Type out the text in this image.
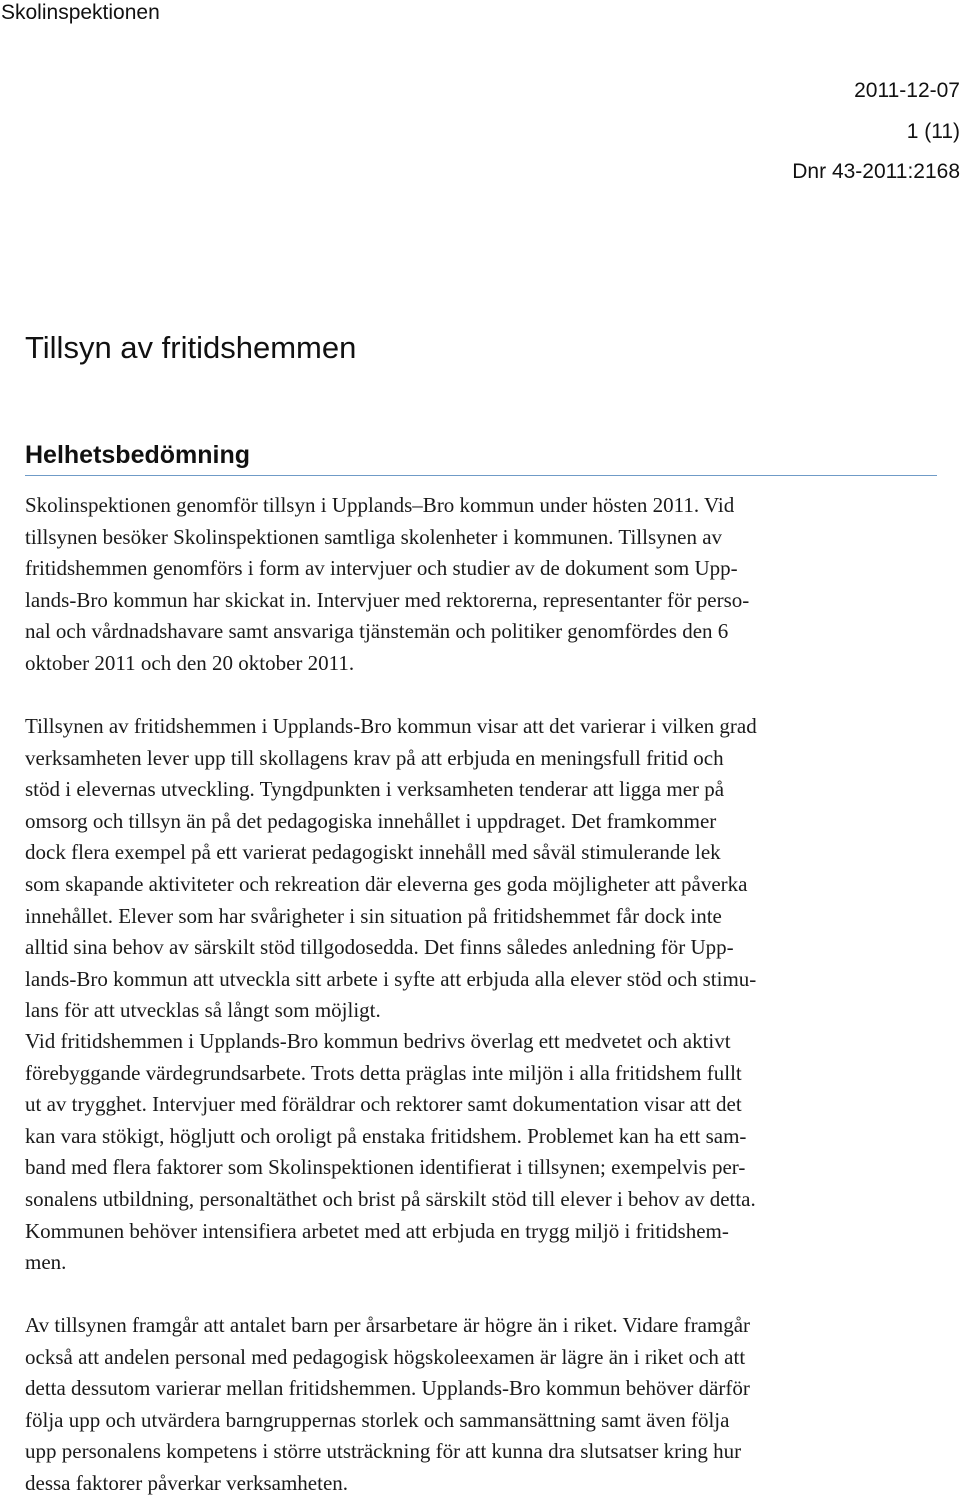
Skolinspektionen
2011-12-07
1 (11)
Dnr 43-2011:2168
Tillsyn av fritidshemmen
Helhetsbedömning
Skolinspektionen genomför tillsyn i Upplands–Bro kommun under hösten 2011. Vid
tillsynen besöker Skolinspektionen samtliga skolenheter i kommunen. Tillsynen av
fritidshemmen genomförs i form av intervjuer och studier av de dokument som Upp-
lands-Bro kommun har skickat in. Intervjuer med rektorerna, representanter för perso-
nal och vårdnadshavare samt ansvariga tjänstemän och politiker genomfördes den 6
oktober 2011 och den 20 oktober 2011.
Tillsynen av fritidshemmen i Upplands-Bro kommun visar att det varierar i vilken grad
verksamheten lever upp till skollagens krav på att erbjuda en meningsfull fritid och
stöd i elevernas utveckling. Tyngdpunkten i verksamheten tenderar att ligga mer på
omsorg och tillsyn än på det pedagogiska innehållet i uppdraget. Det framkommer
dock flera exempel på ett varierat pedagogiskt innehåll med såväl stimulerande lek
som skapande aktiviteter och rekreation där eleverna ges goda möjligheter att påverka
innehållet. Elever som har svårigheter i sin situation på fritidshemmet får dock inte
alltid sina behov av särskilt stöd tillgodosedda. Det finns således anledning för Upp-
lands-Bro kommun att utveckla sitt arbete i syfte att erbjuda alla elever stöd och stimu-
lans för att utvecklas så långt som möjligt.
Vid fritidshemmen i Upplands-Bro kommun bedrivs överlag ett medvetet och aktivt
förebyggande värdegrundsarbete. Trots detta präglas inte miljön i alla fritidshem fullt
ut av trygghet. Intervjuer med föräldrar och rektorer samt dokumentation visar att det
kan vara stökigt, högljutt och oroligt på enstaka fritidshem. Problemet kan ha ett sam-
band med flera faktorer som Skolinspektionen identifierat i tillsynen; exempelvis per-
sonalens utbildning, personaltäthet och brist på särskilt stöd till elever i behov av detta.
Kommunen behöver intensifiera arbetet med att erbjuda en trygg miljö i fritidshem-
men.
Av tillsynen framgår att antalet barn per årsarbetare är högre än i riket. Vidare framgår
också att andelen personal med pedagogisk högskoleexamen är lägre än i riket och att
detta dessutom varierar mellan fritidshemmen. Upplands-Bro kommun behöver därför
följa upp och utvärdera barngruppernas storlek och sammansättning samt även följa
upp personalens kompetens i större utsträckning för att kunna dra slutsatser kring hur
dessa faktorer påverkar verksamheten.
